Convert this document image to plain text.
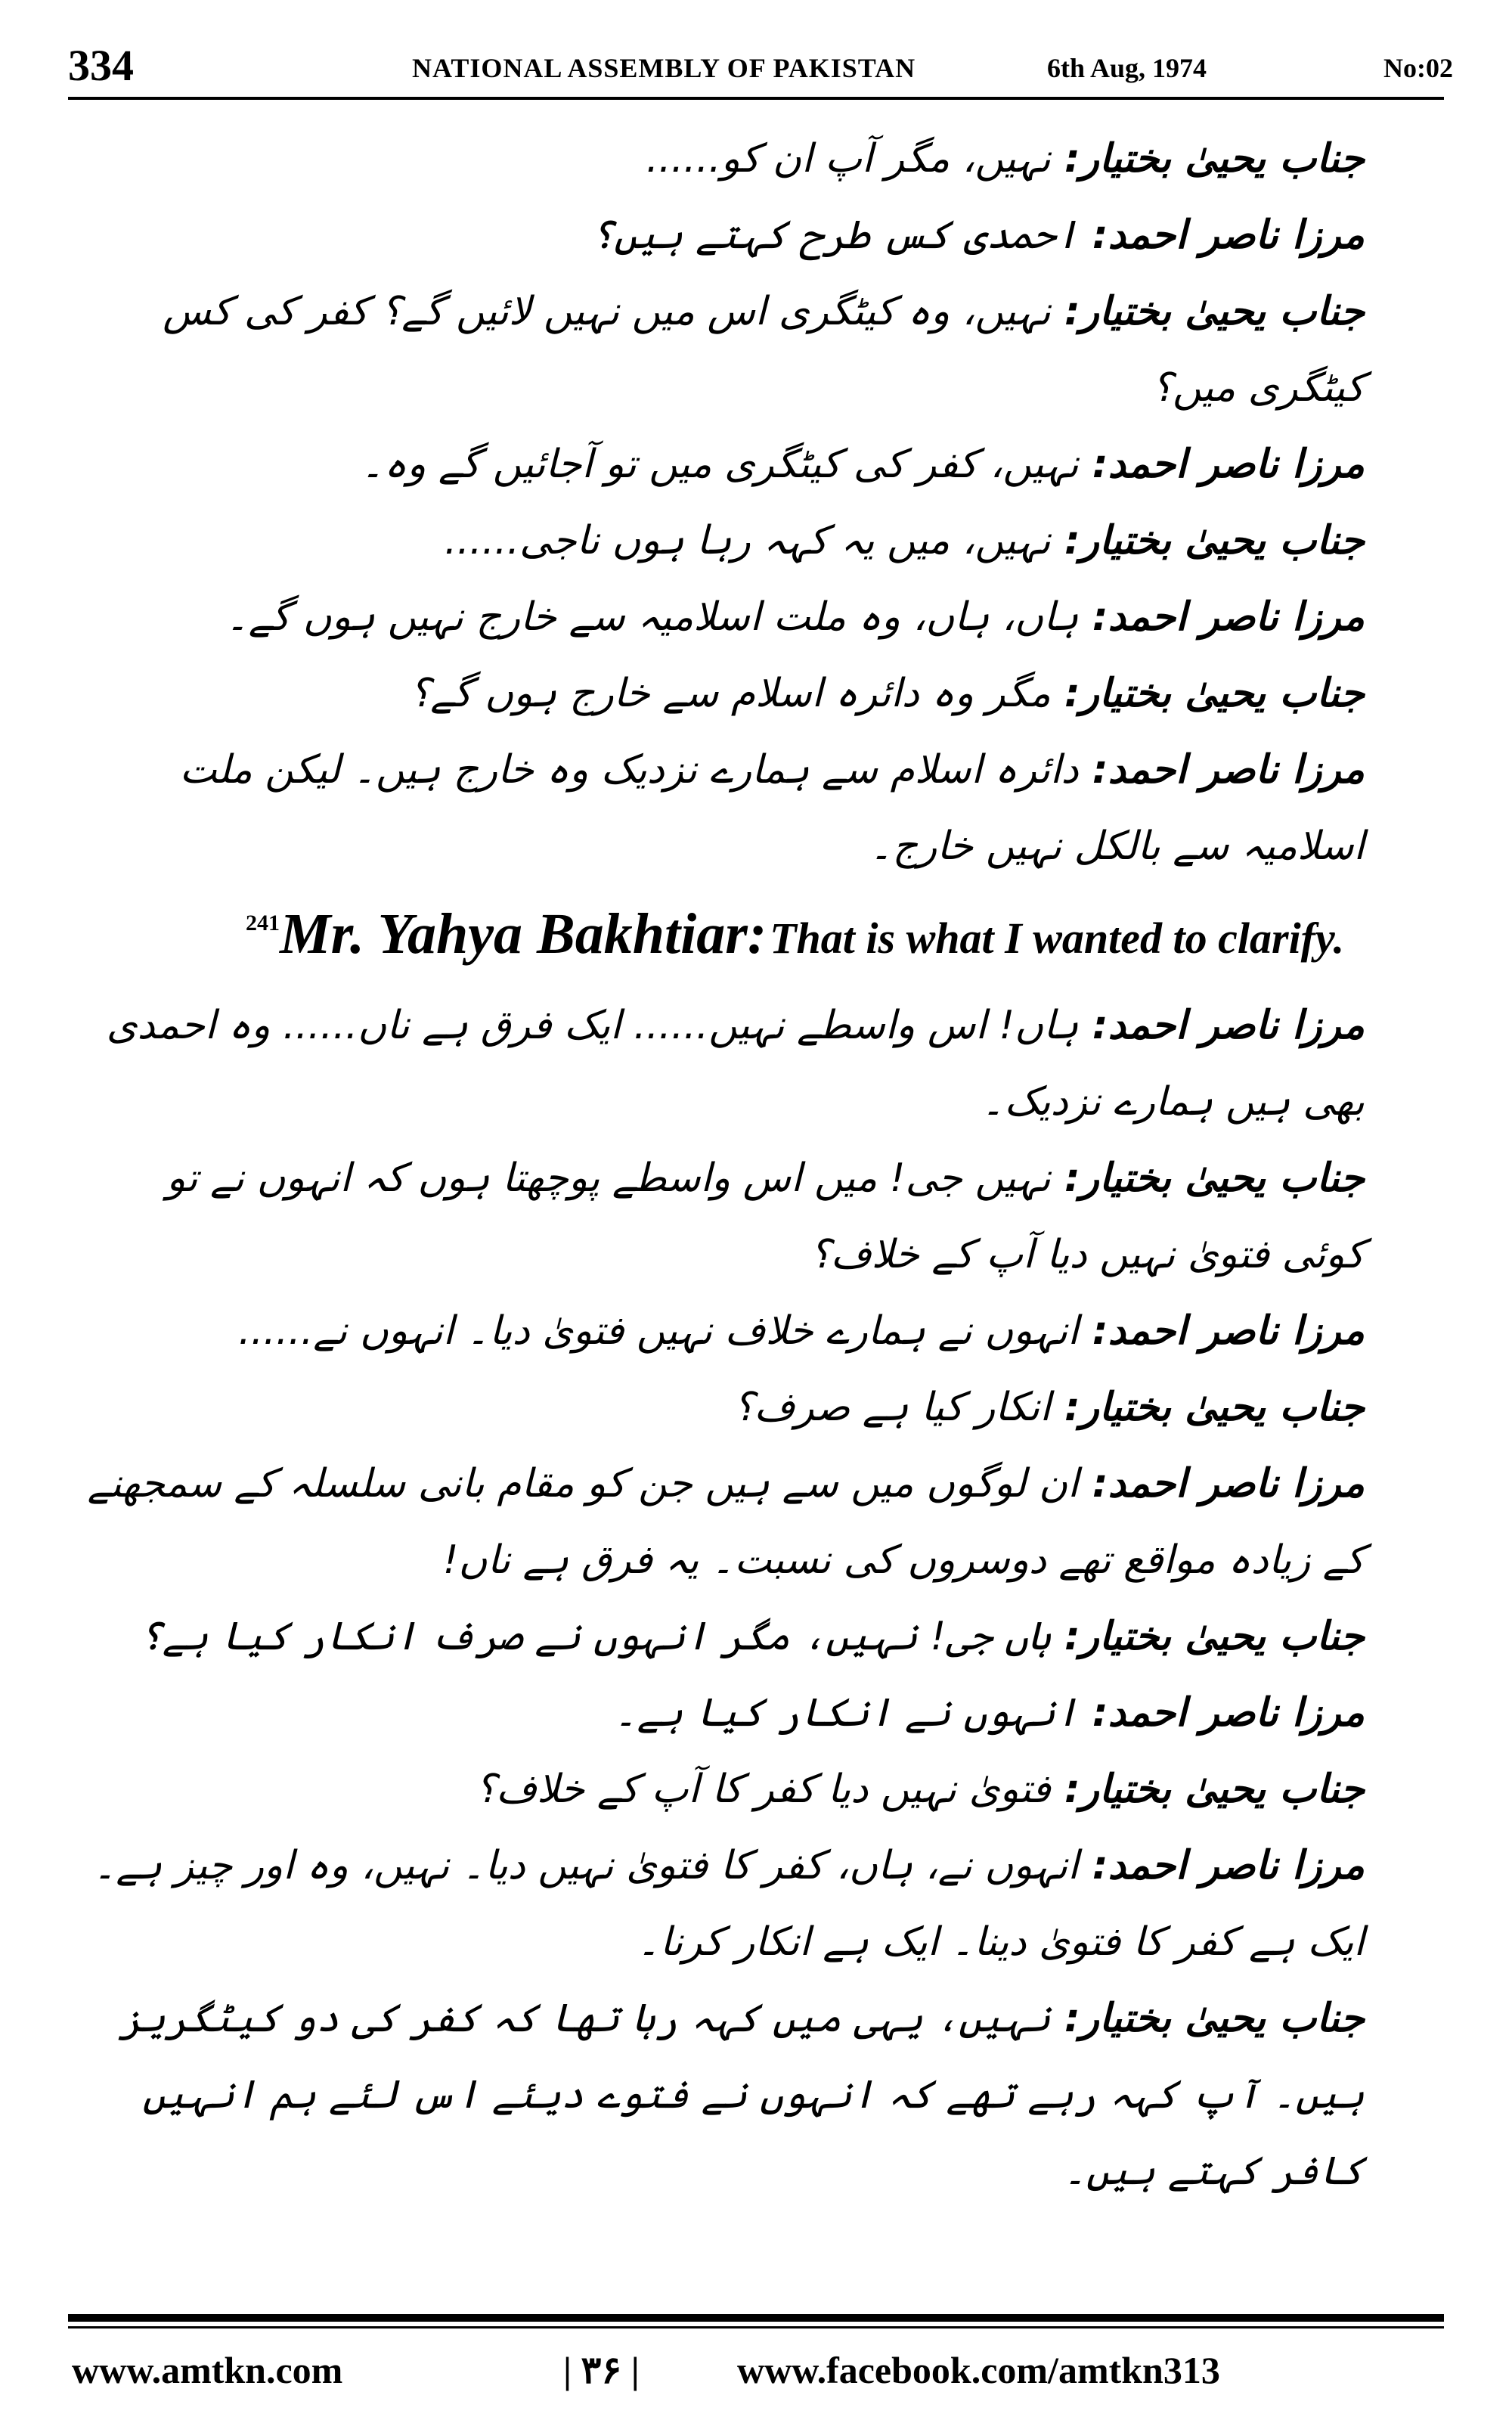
334	NATIONAL ASSEMBLY OF PAKISTAN	6th Aug, 1974	No:02

جناب یحییٰ بختیار: نہیں، مگر آپ ان کو......

مرزا ناصر احمد: احمدی کس طرح کہتے ہیں؟

جناب یحییٰ بختیار: نہیں، وہ کیٹگری اس میں نہیں لائیں گے؟ کفر کی کس کیٹگری میں؟

مرزا ناصر احمد: نہیں، کفر کی کیٹگری میں تو آجائیں گے وہ۔

جناب یحییٰ بختیار: نہیں، میں یہ کہہ رہا ہوں ناجی......

مرزا ناصر احمد: ہاں، ہاں، وہ ملت اسلامیہ سے خارج نہیں ہوں گے۔

جناب یحییٰ بختیار: مگر وہ دائرہ اسلام سے خارج ہوں گے؟

مرزا ناصر احمد: دائرہ اسلام سے ہمارے نزدیک وہ خارج ہیں۔ لیکن ملت اسلامیہ سے بالکل نہیں خارج۔

241Mr. Yahya Bakhtiar: That is what I wanted to clarify.

مرزا ناصر احمد: ہاں! اس واسطے نہیں...... ایک فرق ہے ناں...... وہ احمدی بھی ہیں ہمارے نزدیک۔

جناب یحییٰ بختیار: نہیں جی! میں اس واسطے پوچھتا ہوں کہ انہوں نے تو کوئی فتویٰ نہیں دیا آپ کے خلاف؟

مرزا ناصر احمد: انہوں نے ہمارے خلاف نہیں فتویٰ دیا۔ انہوں نے......

جناب یحییٰ بختیار: انکار کیا ہے صرف؟

مرزا ناصر احمد: ان لوگوں میں سے ہیں جن کو مقام بانی سلسلہ کے سمجھنے کے زیادہ مواقع تھے دوسروں کی نسبت۔ یہ فرق ہے ناں!

جناب یحییٰ بختیار: ہاں جی! نہیں، مگر انہوں نے صرف انکار کیا ہے؟

مرزا ناصر احمد: انہوں نے انکار کیا ہے۔

جناب یحییٰ بختیار: فتویٰ نہیں دیا کفر کا آپ کے خلاف؟

مرزا ناصر احمد: انہوں نے، ہاں، کفر کا فتویٰ نہیں دیا۔ نہیں، وہ اور چیز ہے۔ ایک ہے کفر کا فتویٰ دینا۔ ایک ہے انکار کرنا۔

جناب یحییٰ بختیار: نہیں، یہی میں کہہ رہا تھا کہ کفر کی دو کیٹگریز ہیں۔ آپ کہہ رہے تھے کہ انہوں نے فتوے دیئے اس لئے ہم انہیں کافر کہتے ہیں۔

www.amtkn.com	| ۳۶ |	www.facebook.com/amtkn313
